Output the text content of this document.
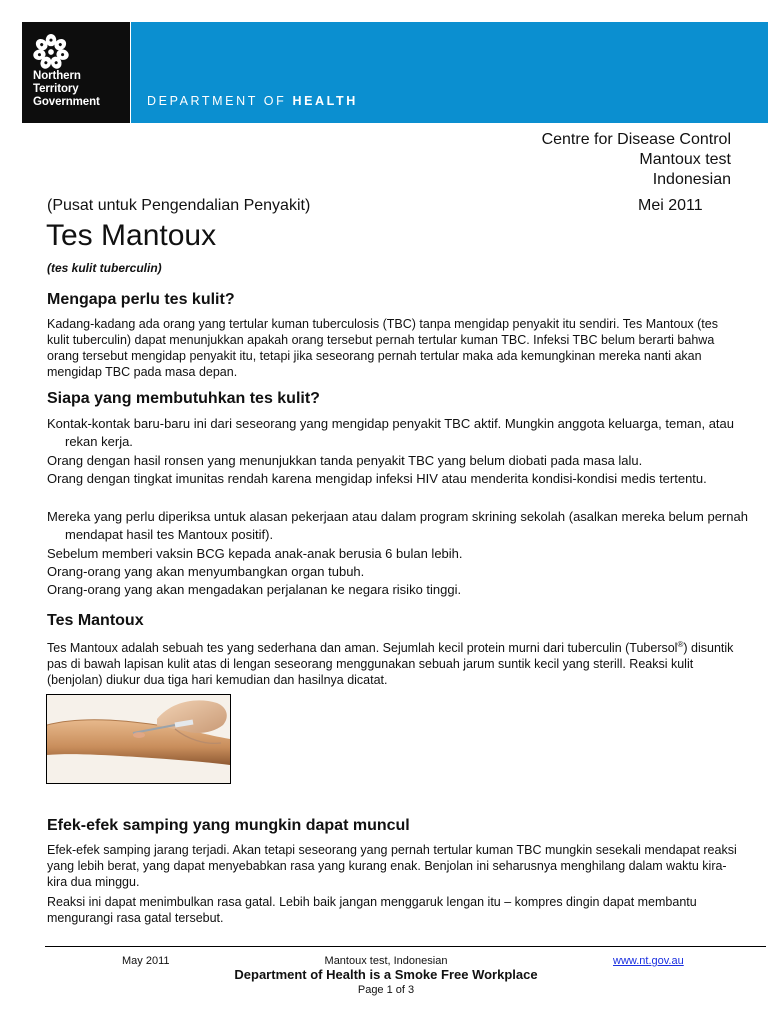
Northern
Territory
Government	DEPARTMENT OF HEALTH
Centre for Disease Control
Mantoux test
Indonesian
(Pusat untuk Pengendalian Penyakit)	Mei 2011
Tes Mantoux
(tes kulit tuberculin)
Mengapa perlu tes kulit?

Kadang-kadang ada orang yang tertular kuman tuberculosis (TBC) tanpa mengidap penyakit itu sendiri. Tes Mantoux (tes kulit tuberculin) dapat menunjukkan apakah orang tersebut pernah tertular kuman TBC. Infeksi TBC belum berarti bahwa orang tersebut mengidap penyakit itu, tetapi jika seseorang pernah tertular maka ada kemungkinan mereka nanti akan mengidap TBC pada masa depan.

Siapa yang membutuhkan tes kulit?

Kontak-kontak baru-baru ini dari seseorang yang mengidap penyakit TBC aktif. Mungkin anggota keluarga, teman, atau rekan kerja.

Orang dengan hasil ronsen yang menunjukkan tanda penyakit TBC yang belum diobati pada masa lalu.

Orang dengan tingkat imunitas rendah karena mengidap infeksi HIV atau menderita kondisi-kondisi medis tertentu.

Mereka yang perlu diperiksa untuk alasan pekerjaan atau dalam program skrining sekolah (asalkan mereka belum pernah mendapat hasil tes Mantoux positif).

Sebelum memberi vaksin BCG kepada anak-anak berusia 6 bulan lebih.

Orang-orang yang akan menyumbangkan organ tubuh.

Orang-orang yang akan mengadakan perjalanan ke negara risiko tinggi.

Tes Mantoux

Tes Mantoux adalah sebuah tes yang sederhana dan aman. Sejumlah kecil protein murni dari tuberculin (Tubersol®) disuntik pas di bawah lapisan kulit atas di lengan seseorang menggunakan sebuah jarum suntik kecil yang sterill. Reaksi kulit (benjolan) diukur dua tiga hari kemudian dan hasilnya dicatat.

Efek-efek samping yang mungkin dapat muncul

Efek-efek samping jarang terjadi. Akan tetapi seseorang yang pernah tertular kuman TBC mungkin sesekali mendapat reaksi yang lebih berat, yang dapat menyebabkan rasa yang kurang enak. Benjolan ini seharusnya menghilang dalam waktu kira-kira dua minggu.

Reaksi ini dapat menimbulkan rasa gatal. Lebih baik jangan menggaruk lengan itu – kompres dingin dapat membantu mengurangi rasa gatal tersebut.

May 2011	Mantoux test, Indonesian	www.nt.gov.au
Department of Health is a Smoke Free Workplace
Page 1 of 3
